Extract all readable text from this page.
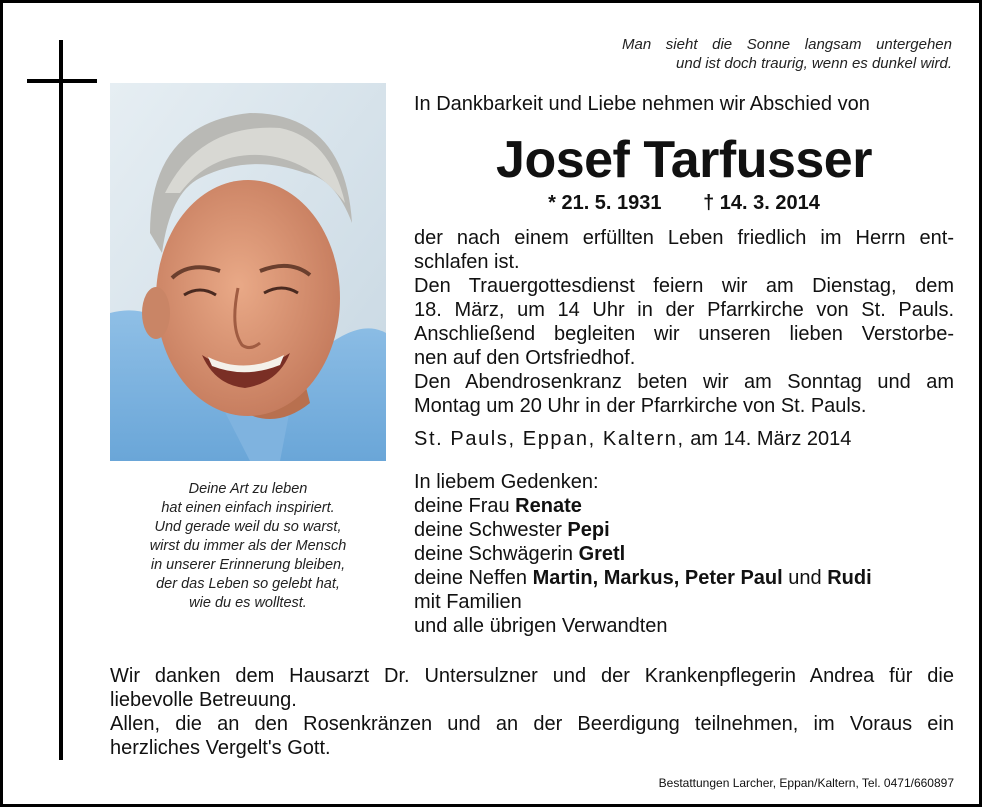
Man sieht die Sonne langsam untergehen
und ist doch traurig, wenn es dunkel wird.
Deine Art zu leben
hat einen einfach inspiriert.
Und gerade weil du so warst,
wirst du immer als der Mensch
in unserer Erinnerung bleiben,
der das Leben so gelebt hat,
wie du es wolltest.
In Dankbarkeit und Liebe nehmen wir Abschied von
Josef Tarfusser
* 21. 5. 1931 † 14. 3. 2014
der nach einem erfüllten Leben friedlich im Herrn ent-
schlafen ist.
Den Trauergottesdienst feiern wir am Dienstag, dem
18. März, um 14 Uhr in der Pfarrkirche von St. Pauls.
Anschließend begleiten wir unseren lieben Verstorbe-
nen auf den Ortsfriedhof.
Den Abendrosenkranz beten wir am Sonntag und am
Montag um 20 Uhr in der Pfarrkirche von St. Pauls.
St. Pauls, Eppan, Kaltern, am 14. März 2014
In liebem Gedenken:
deine Frau Renate
deine Schwester Pepi
deine Schwägerin Gretl
deine Neffen Martin, Markus, Peter Paul und Rudi
mit Familien
und alle übrigen Verwandten
Wir danken dem Hausarzt Dr. Untersulzner und der Krankenpflegerin Andrea für die
liebevolle Betreuung.
Allen, die an den Rosenkränzen und an der Beerdigung teilnehmen, im Voraus ein
herzliches Vergelt's Gott.
Bestattungen Larcher, Eppan/Kaltern, Tel. 0471/660897
